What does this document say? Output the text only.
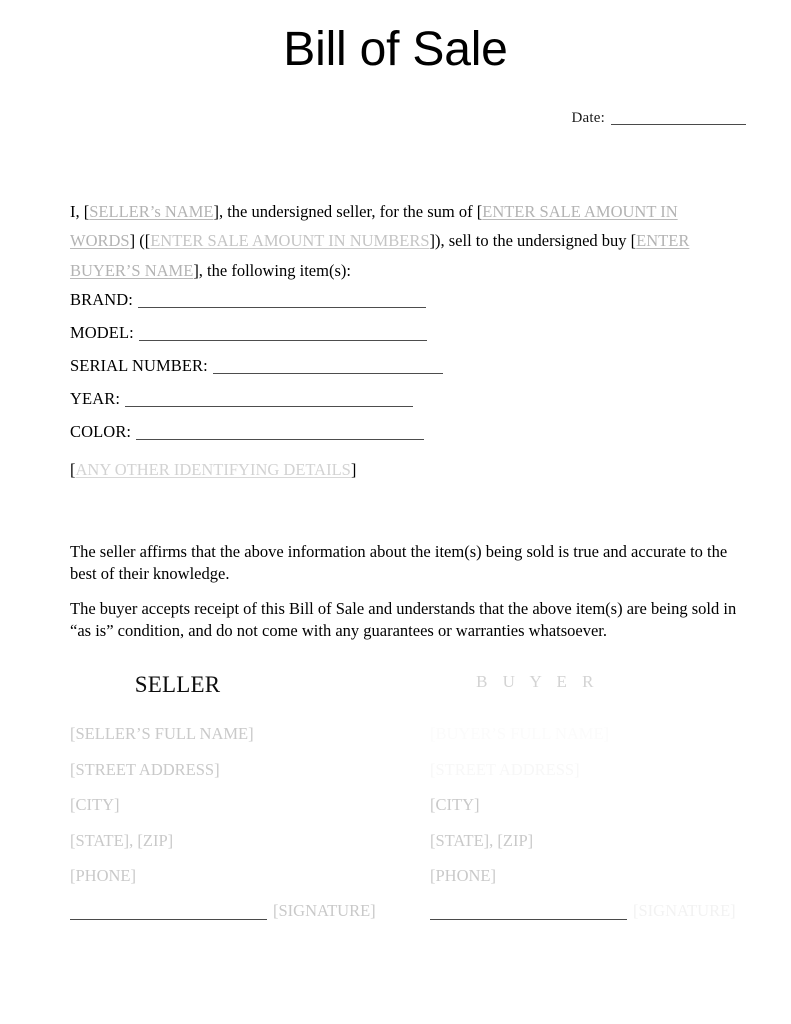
Bill of Sale
Date:

I, [SELLER’s NAME], the undersigned seller, for the sum of [ENTER SALE AMOUNT IN WORDS] ([ENTER SALE AMOUNT IN NUMBERS]), sell to the undersigned buy [ENTER BUYER’S NAME], the following item(s):

BRAND:
MODEL:
SERIAL NUMBER:
YEAR:
COLOR:
[ANY OTHER IDENTIFYING DETAILS]

The seller affirms that the above information about the item(s) being sold is true and accurate to the best of their knowledge.

The buyer accepts receipt of this Bill of Sale and understands that the above item(s) are being sold in “as is” condition, and do not come with any guarantees or warranties whatsoever.

SELLER
[SELLER’S FULL NAME]
[STREET ADDRESS]
[CITY]
[STATE], [ZIP]
[PHONE]
[SIGNATURE]
B U Y E R
[BUYER’S FULL NAME]
[STREET ADDRESS]
[CITY]
[STATE], [ZIP]
[PHONE]
[SIGNATURE]
